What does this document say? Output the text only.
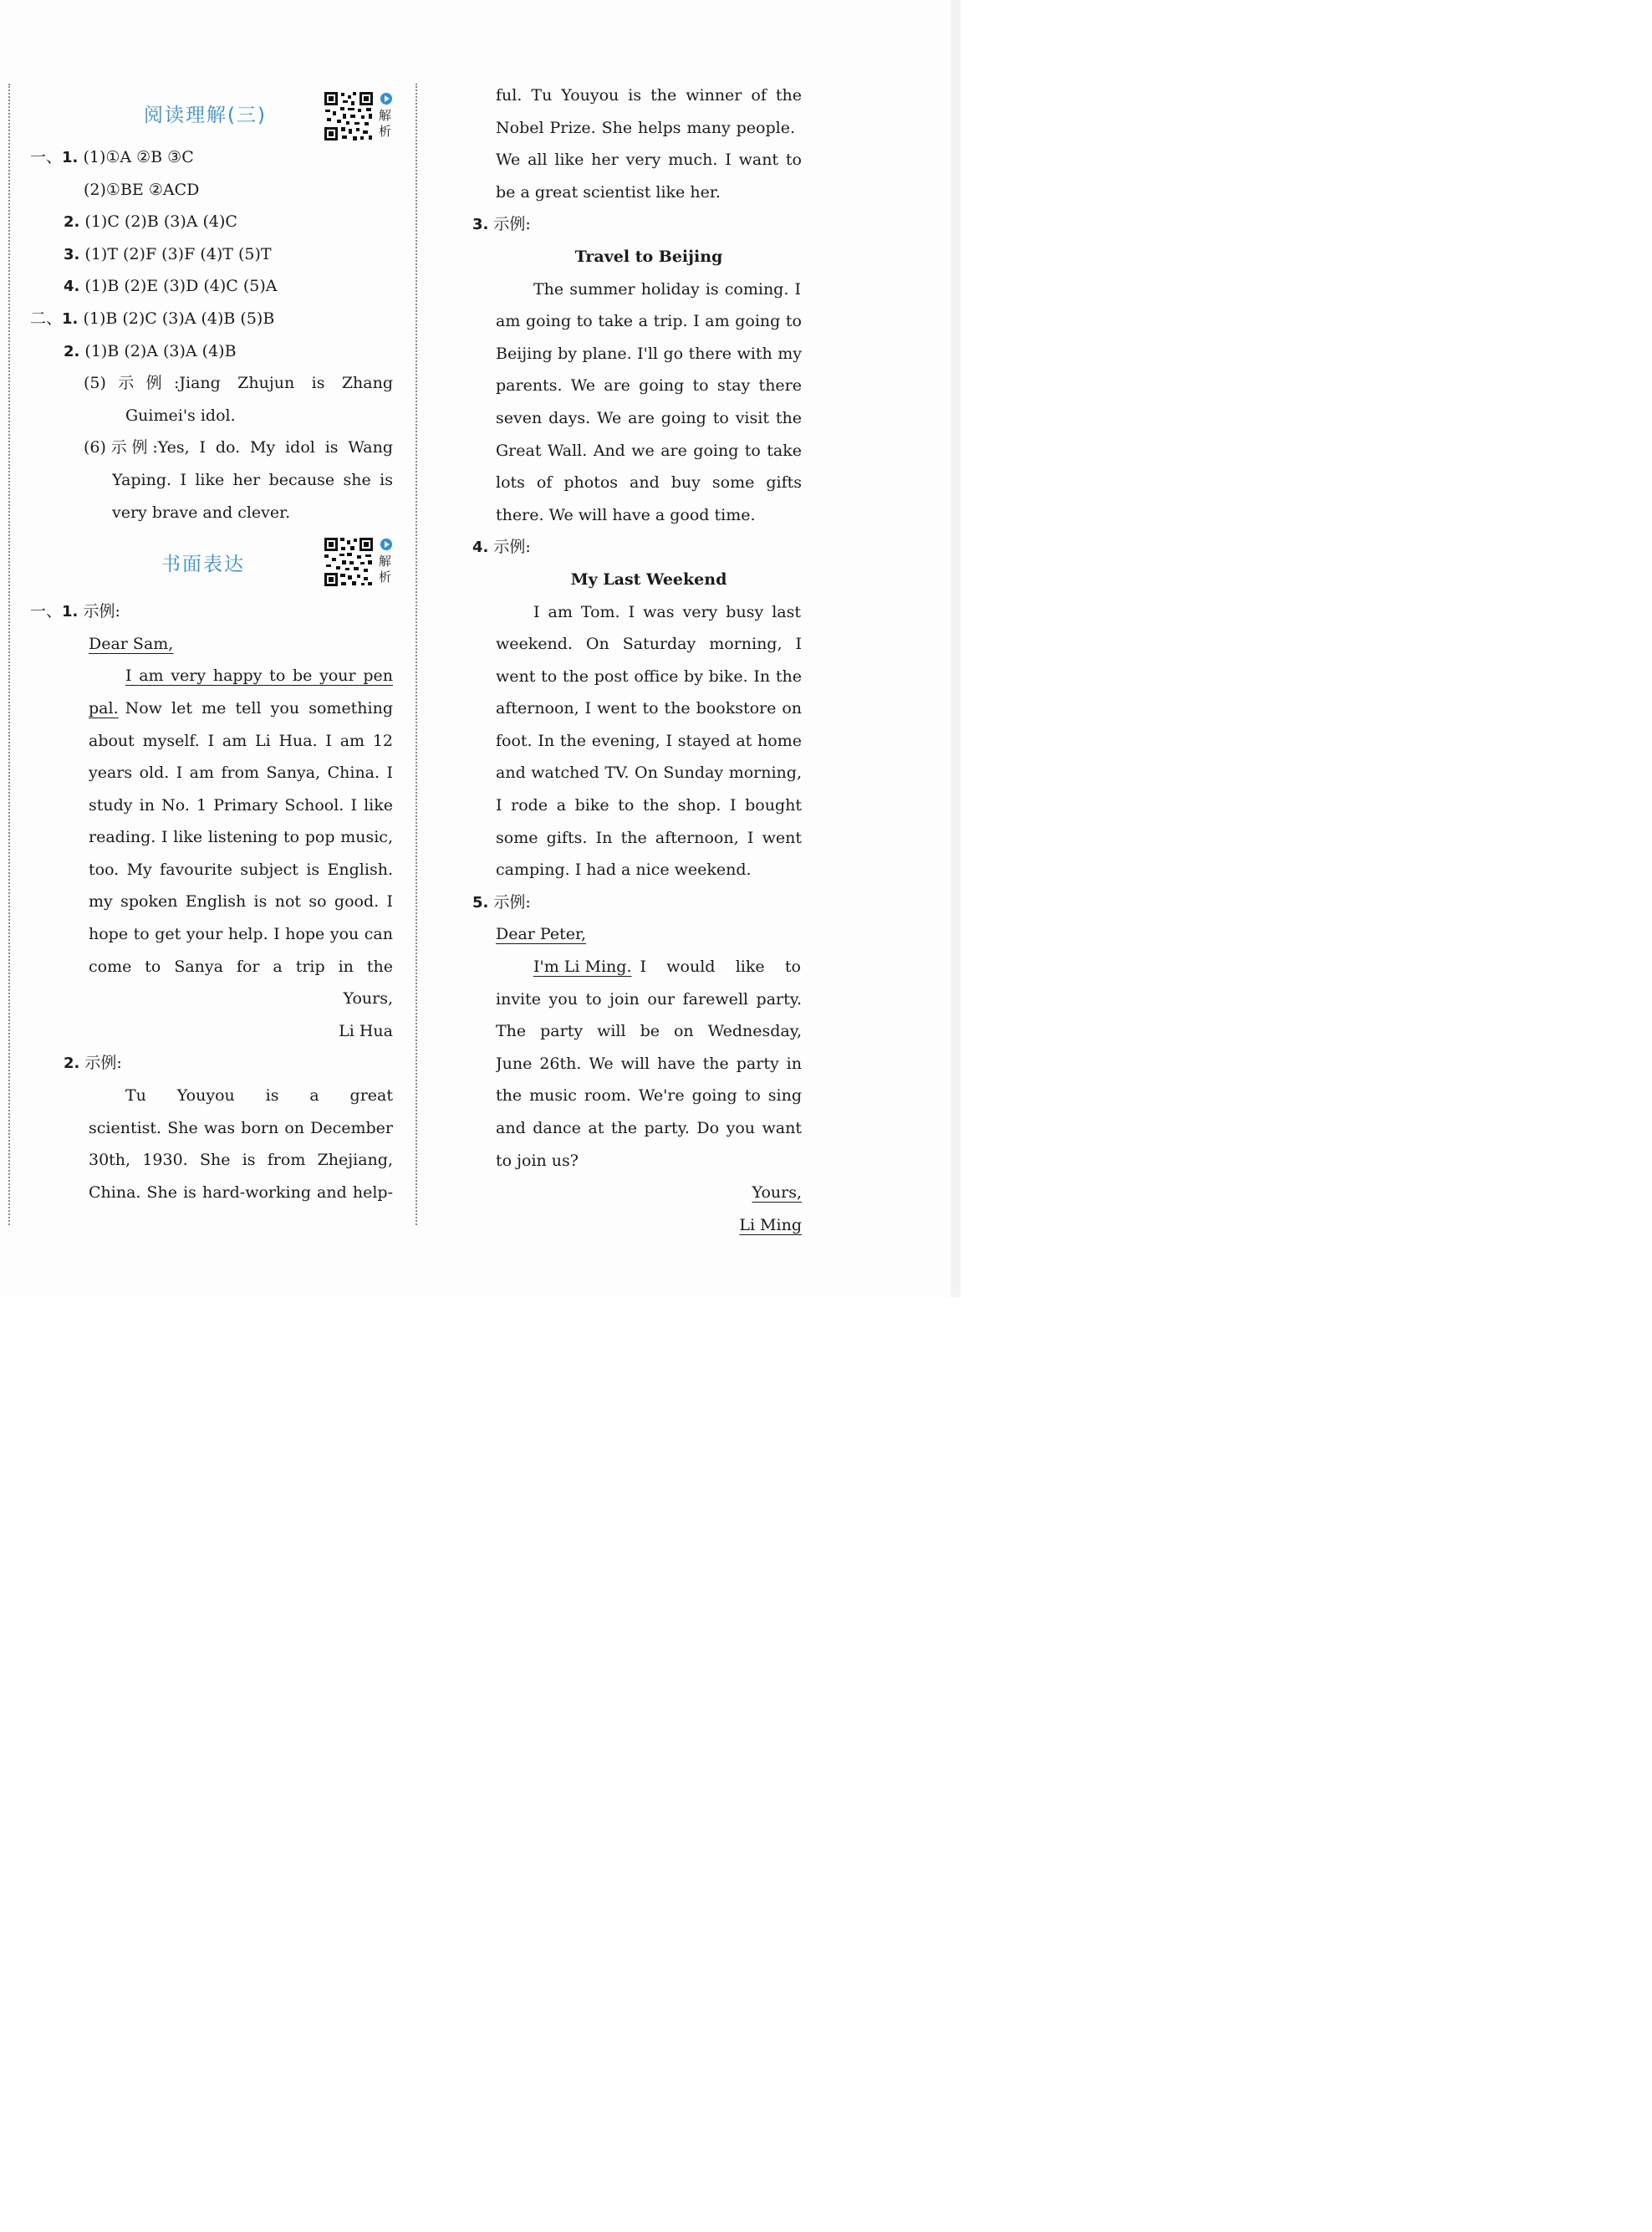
阅读理解(三)	解析
一、1. (1)①A ②B ③C
(2)①BE ②ACD
2. (1)C (2)B (3)A (4)C
3. (1)T (2)F (3)F (4)T (5)T
4. (1)B (2)E (3)D (4)C (5)A
二、1. (1)B (2)C (3)A (4)B (5)B
2. (1)B (2)A (3)A (4)B
(5)示例:Jiang Zhujun is Zhang
Guimei's idol.
(6)示例:Yes, I do. My idol is Wang
Yaping. I like her because she is
very brave and clever.
书面表达	解析
一、1. 示例:
Dear Sam,
I am very happy to be your pen
pal. Now let me tell you something
about myself. I am Li Hua. I am 12
years old. I am from Sanya, China. I
study in No. 1 Primary School. I like
reading. I like listening to pop music,
too. My favourite subject is English.
my spoken English is not so good. I
hope to get your help. I hope you can
come to Sanya for a trip in the
Yours,
Li Hua
2. 示例:
Tu Youyou is a great
scientist. She was born on December
30th, 1930. She is from Zhejiang,
China. She is hard-working and help-
ful. Tu Youyou is the winner of the
Nobel Prize. She helps many people.
We all like her very much. I want to
be a great scientist like her.
3. 示例:
Travel to Beijing
The summer holiday is coming. I
am going to take a trip. I am going to
Beijing by plane. I'll go there with my
parents. We are going to stay there
seven days. We are going to visit the
Great Wall. And we are going to take
lots of photos and buy some gifts
there. We will have a good time.
4. 示例:
My Last Weekend
I am Tom. I was very busy last
weekend. On Saturday morning, I
went to the post office by bike. In the
afternoon, I went to the bookstore on
foot. In the evening, I stayed at home
and watched TV. On Sunday morning,
I rode a bike to the shop. I bought
some gifts. In the afternoon, I went
camping. I had a nice weekend.
5. 示例:
Dear Peter,
I'm Li Ming. I would like to
invite you to join our farewell party.
The party will be on Wednesday,
June 26th. We will have the party in
the music room. We're going to sing
and dance at the party. Do you want
to join us?
Yours,
Li Ming
